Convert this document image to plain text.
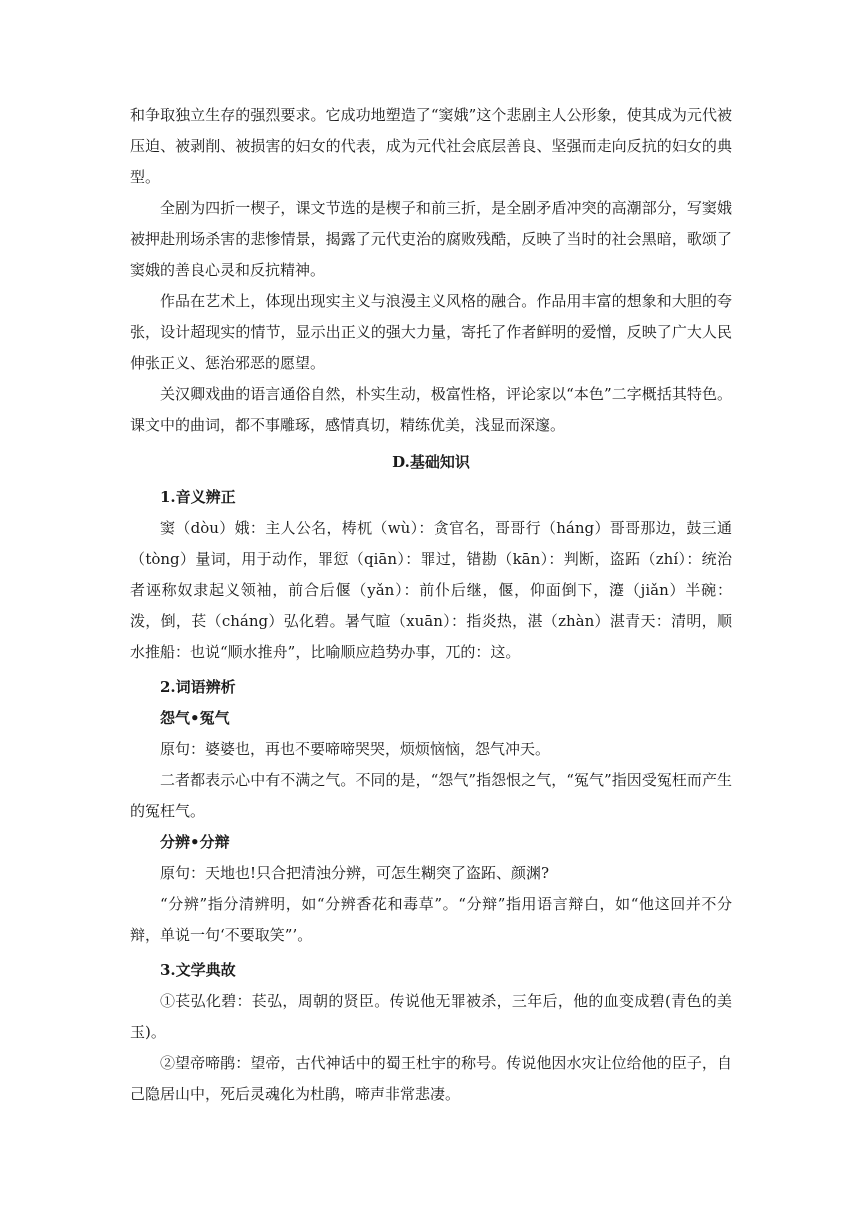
和争取独立生存的强烈要求。它成功地塑造了“窦娥”这个悲剧主人公形象，使其成为元代被压迫、被剥削、被损害的妇女的代表，成为元代社会底层善良、坚强而走向反抗的妇女的典型。

全剧为四折一楔子，课文节选的是楔子和前三折，是全剧矛盾冲突的高潮部分，写窦娥被押赴刑场杀害的悲惨情景，揭露了元代吏治的腐败残酷，反映了当时的社会黑暗，歌颂了窦娥的善良心灵和反抗精神。

作品在艺术上，体现出现实主义与浪漫主义风格的融合。作品用丰富的想象和大胆的夸张，设计超现实的情节，显示出正义的强大力量，寄托了作者鲜明的爱憎，反映了广大人民伸张正义、惩治邪恶的愿望。

关汉卿戏曲的语言通俗自然，朴实生动，极富性格，评论家以“本色”二字概括其特色。课文中的曲词，都不事雕琢，感情真切，精练优美，浅显而深邃。

D.基础知识

1.音义辨正

窦（dòu）娥：主人公名，梼杌（wù）：贪官名，哥哥行（háng）哥哥那边，鼓三通（tòng）量词，用于动作，罪愆（qiān）：罪过，错勘（kān）：判断，盗跖（zhí）：统治者诬称奴隶起义领袖，前合后偃（yǎn）：前仆后继，偃，仰面倒下，瀽（jiǎn）半碗：泼，倒，苌（cháng）弘化碧。暑气暄（xuān）：指炎热，湛（zhàn）湛青天：清明，顺水推船：也说“顺水推舟”，比喻顺应趋势办事，兀的：这。

2.词语辨析

怨气•冤气

原句：婆婆也，再也不要啼啼哭哭，烦烦恼恼，怨气冲天。

二者都表示心中有不满之气。不同的是，“怨气”指怨恨之气，“冤气”指因受冤枉而产生的冤枉气。

分辨•分辩

原句：天地也!只合把清浊分辨，可怎生糊突了盗跖、颜渊?

“分辨”指分清辨明，如“分辨香花和毒草”。“分辩”指用语言辩白，如“他这回并不分辩，单说一句‘不要取笑”’。

3.文学典故

①苌弘化碧：苌弘，周朝的贤臣。传说他无罪被杀，三年后，他的血变成碧(青色的美玉)。

②望帝啼鹃：望帝，古代神话中的蜀王杜宇的称号。传说他因水灾让位给他的臣子，自己隐居山中，死后灵魂化为杜鹃，啼声非常悲凄。
